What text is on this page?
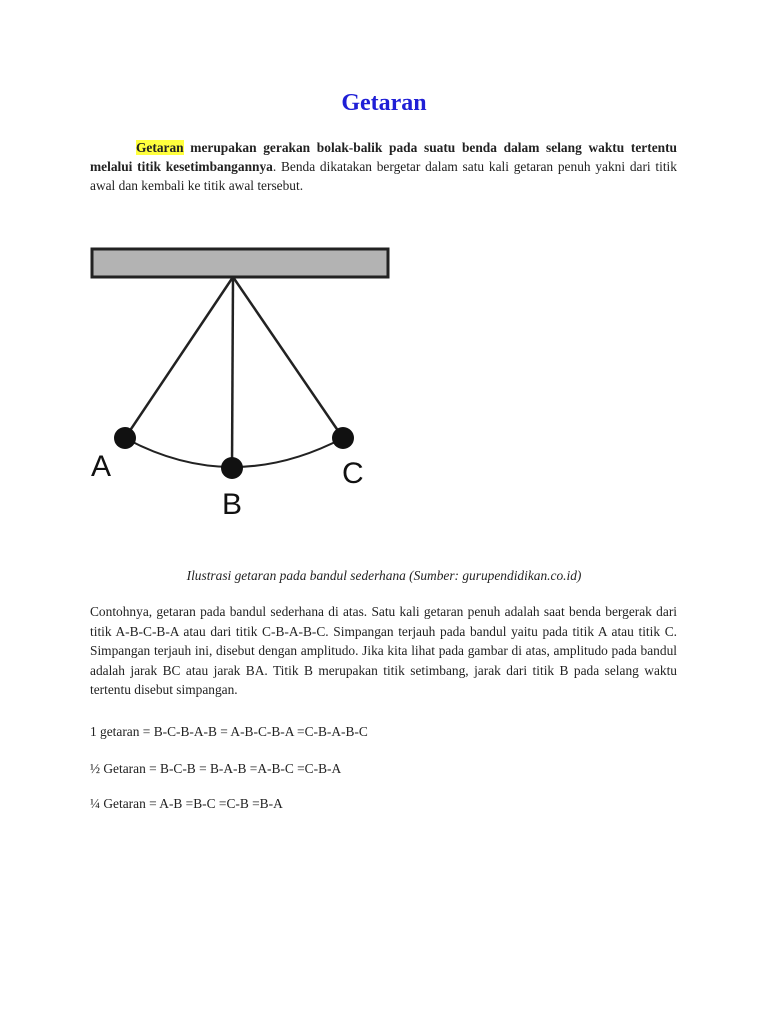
Getaran

Getaran merupakan gerakan bolak-balik pada suatu benda dalam selang waktu tertentu melalui titik kesetimbangannya. Benda dikatakan bergetar dalam satu kali getaran penuh yakni dari titik awal dan kembali ke titik awal tersebut.

A
B
C

Ilustrasi getaran pada bandul sederhana (Sumber: gurupendidikan.co.id)

Contohnya, getaran pada bandul sederhana di atas. Satu kali getaran penuh adalah saat benda bergerak dari titik A-B-C-B-A atau dari titik C-B-A-B-C. Simpangan terjauh pada bandul yaitu pada titik A atau titik C. Simpangan terjauh ini, disebut dengan amplitudo. Jika kita lihat pada gambar di atas, amplitudo pada bandul adalah jarak BC atau jarak BA. Titik B merupakan titik setimbang, jarak dari titik B pada selang waktu tertentu disebut simpangan.

1 getaran = B-C-B-A-B = A-B-C-B-A =C-B-A-B-C

½ Getaran = B-C-B = B-A-B =A-B-C =C-B-A

¼ Getaran = A-B =B-C =C-B =B-A
